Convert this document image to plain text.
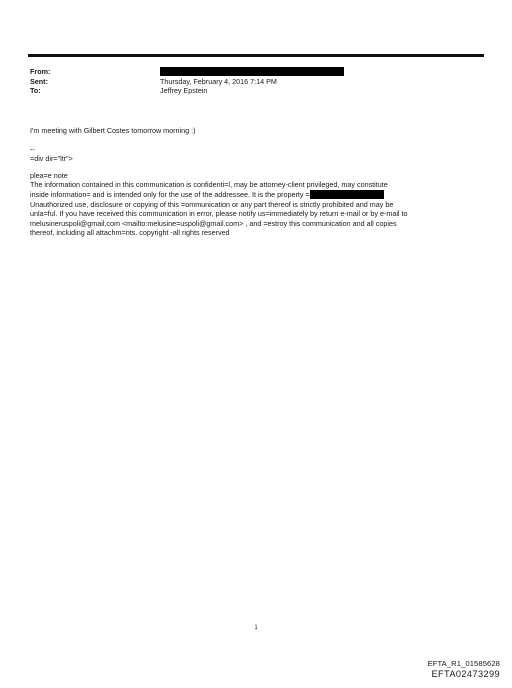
From:
Sent:	Thursday, February 4, 2016 7:14 PM
To:	Jeffrey Epstein

I'm meeting with Gilbert Costes tomorrow morning :)

--

=div dir="ltr">

plea=e note

The information contained in this communication is confidenti=l, may be attorney-client privileged, may constitute

inside information= and is intended only for the use of the addressee. It is the property =

Unauthorized use, disclosure or copying of this =ommunication or any part thereof is strictly prohibited and may be

unla=ful. If you have received this communication in error, please notify us=immediately by return e-mail or by e-mail to

melusineruspoli@gmail.com <mailto:melusine=uspoli@gmail.com> , and =estroy this communication and all copies

thereof, including all attachm=nts. copyright -all rights reserved

1
EFTA_R1_01585628
EFTA02473299
